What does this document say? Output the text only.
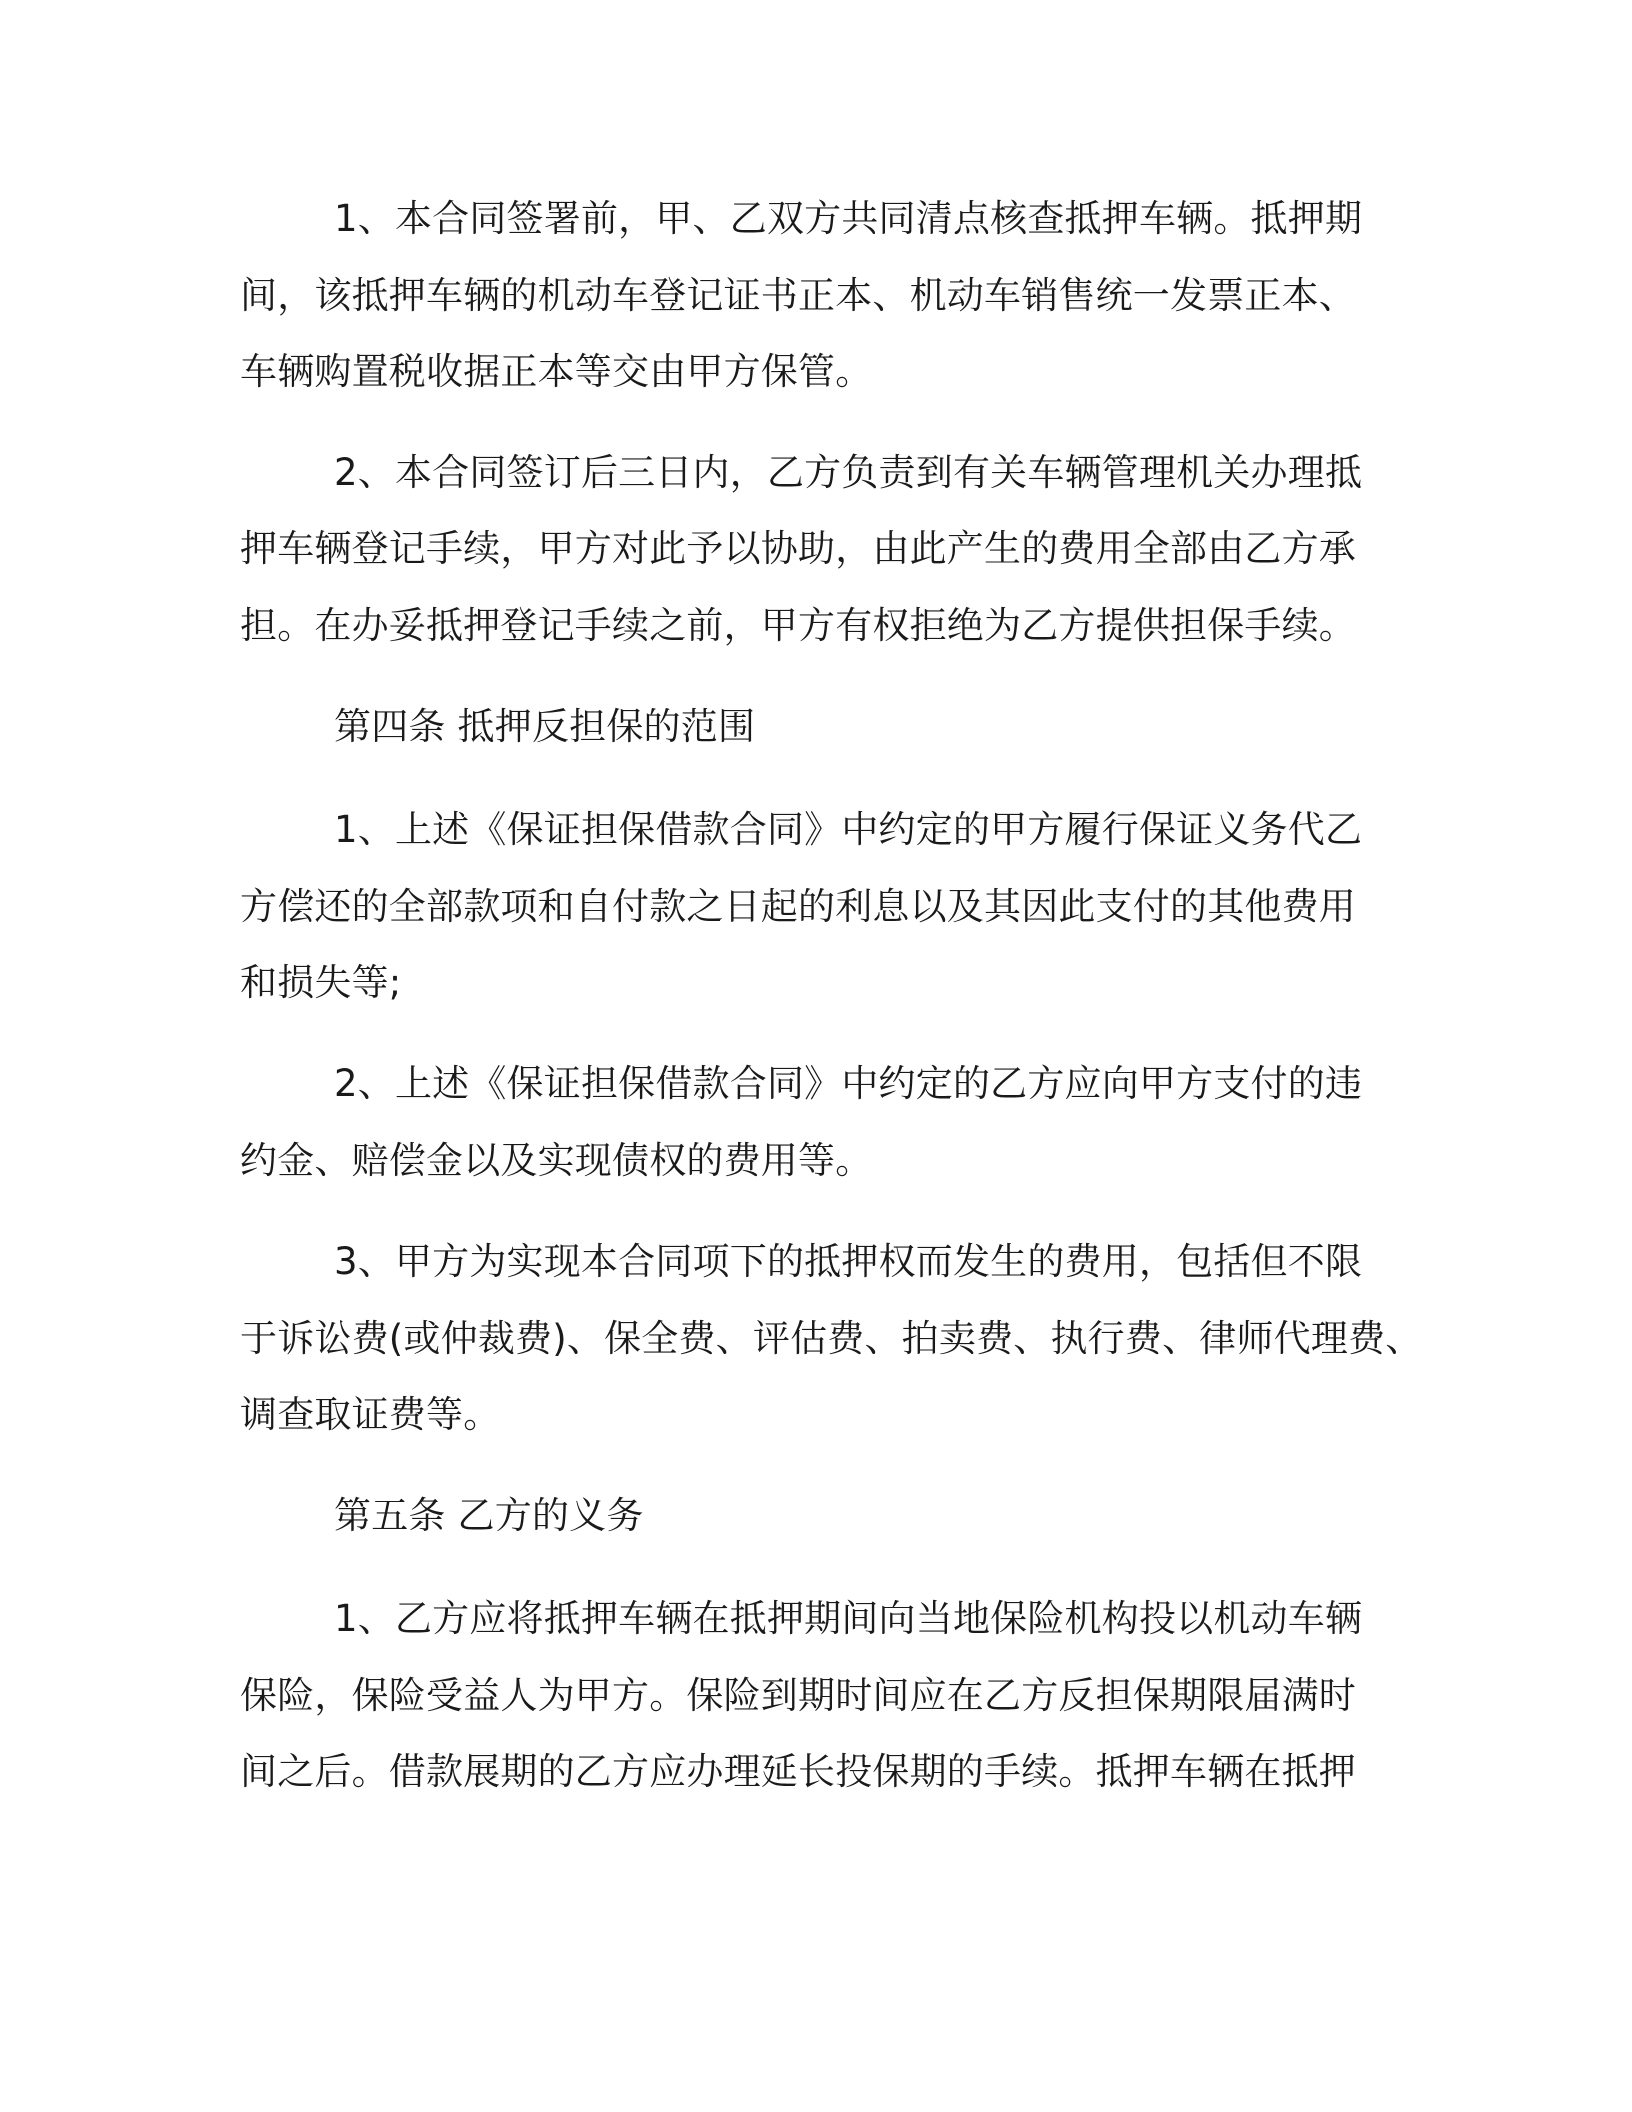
1、本合同签署前，甲、乙双方共同清点核查抵押车辆。抵押期
间，该抵押车辆的机动车登记证书正本、机动车销售统一发票正本、
车辆购置税收据正本等交由甲方保管。
2、本合同签订后三日内，乙方负责到有关车辆管理机关办理抵
押车辆登记手续，甲方对此予以协助，由此产生的费用全部由乙方承
担。在办妥抵押登记手续之前，甲方有权拒绝为乙方提供担保手续。
第四条 抵押反担保的范围
1、上述《保证担保借款合同》中约定的甲方履行保证义务代乙
方偿还的全部款项和自付款之日起的利息以及其因此支付的其他费用
和损失等;
2、上述《保证担保借款合同》中约定的乙方应向甲方支付的违
约金、赔偿金以及实现债权的费用等。
3、甲方为实现本合同项下的抵押权而发生的费用，包括但不限
于诉讼费(或仲裁费)、保全费、评估费、拍卖费、执行费、律师代理费、
调查取证费等。
第五条 乙方的义务
1、乙方应将抵押车辆在抵押期间向当地保险机构投以机动车辆
保险，保险受益人为甲方。保险到期时间应在乙方反担保期限届满时
间之后。借款展期的乙方应办理延长投保期的手续。抵押车辆在抵押
